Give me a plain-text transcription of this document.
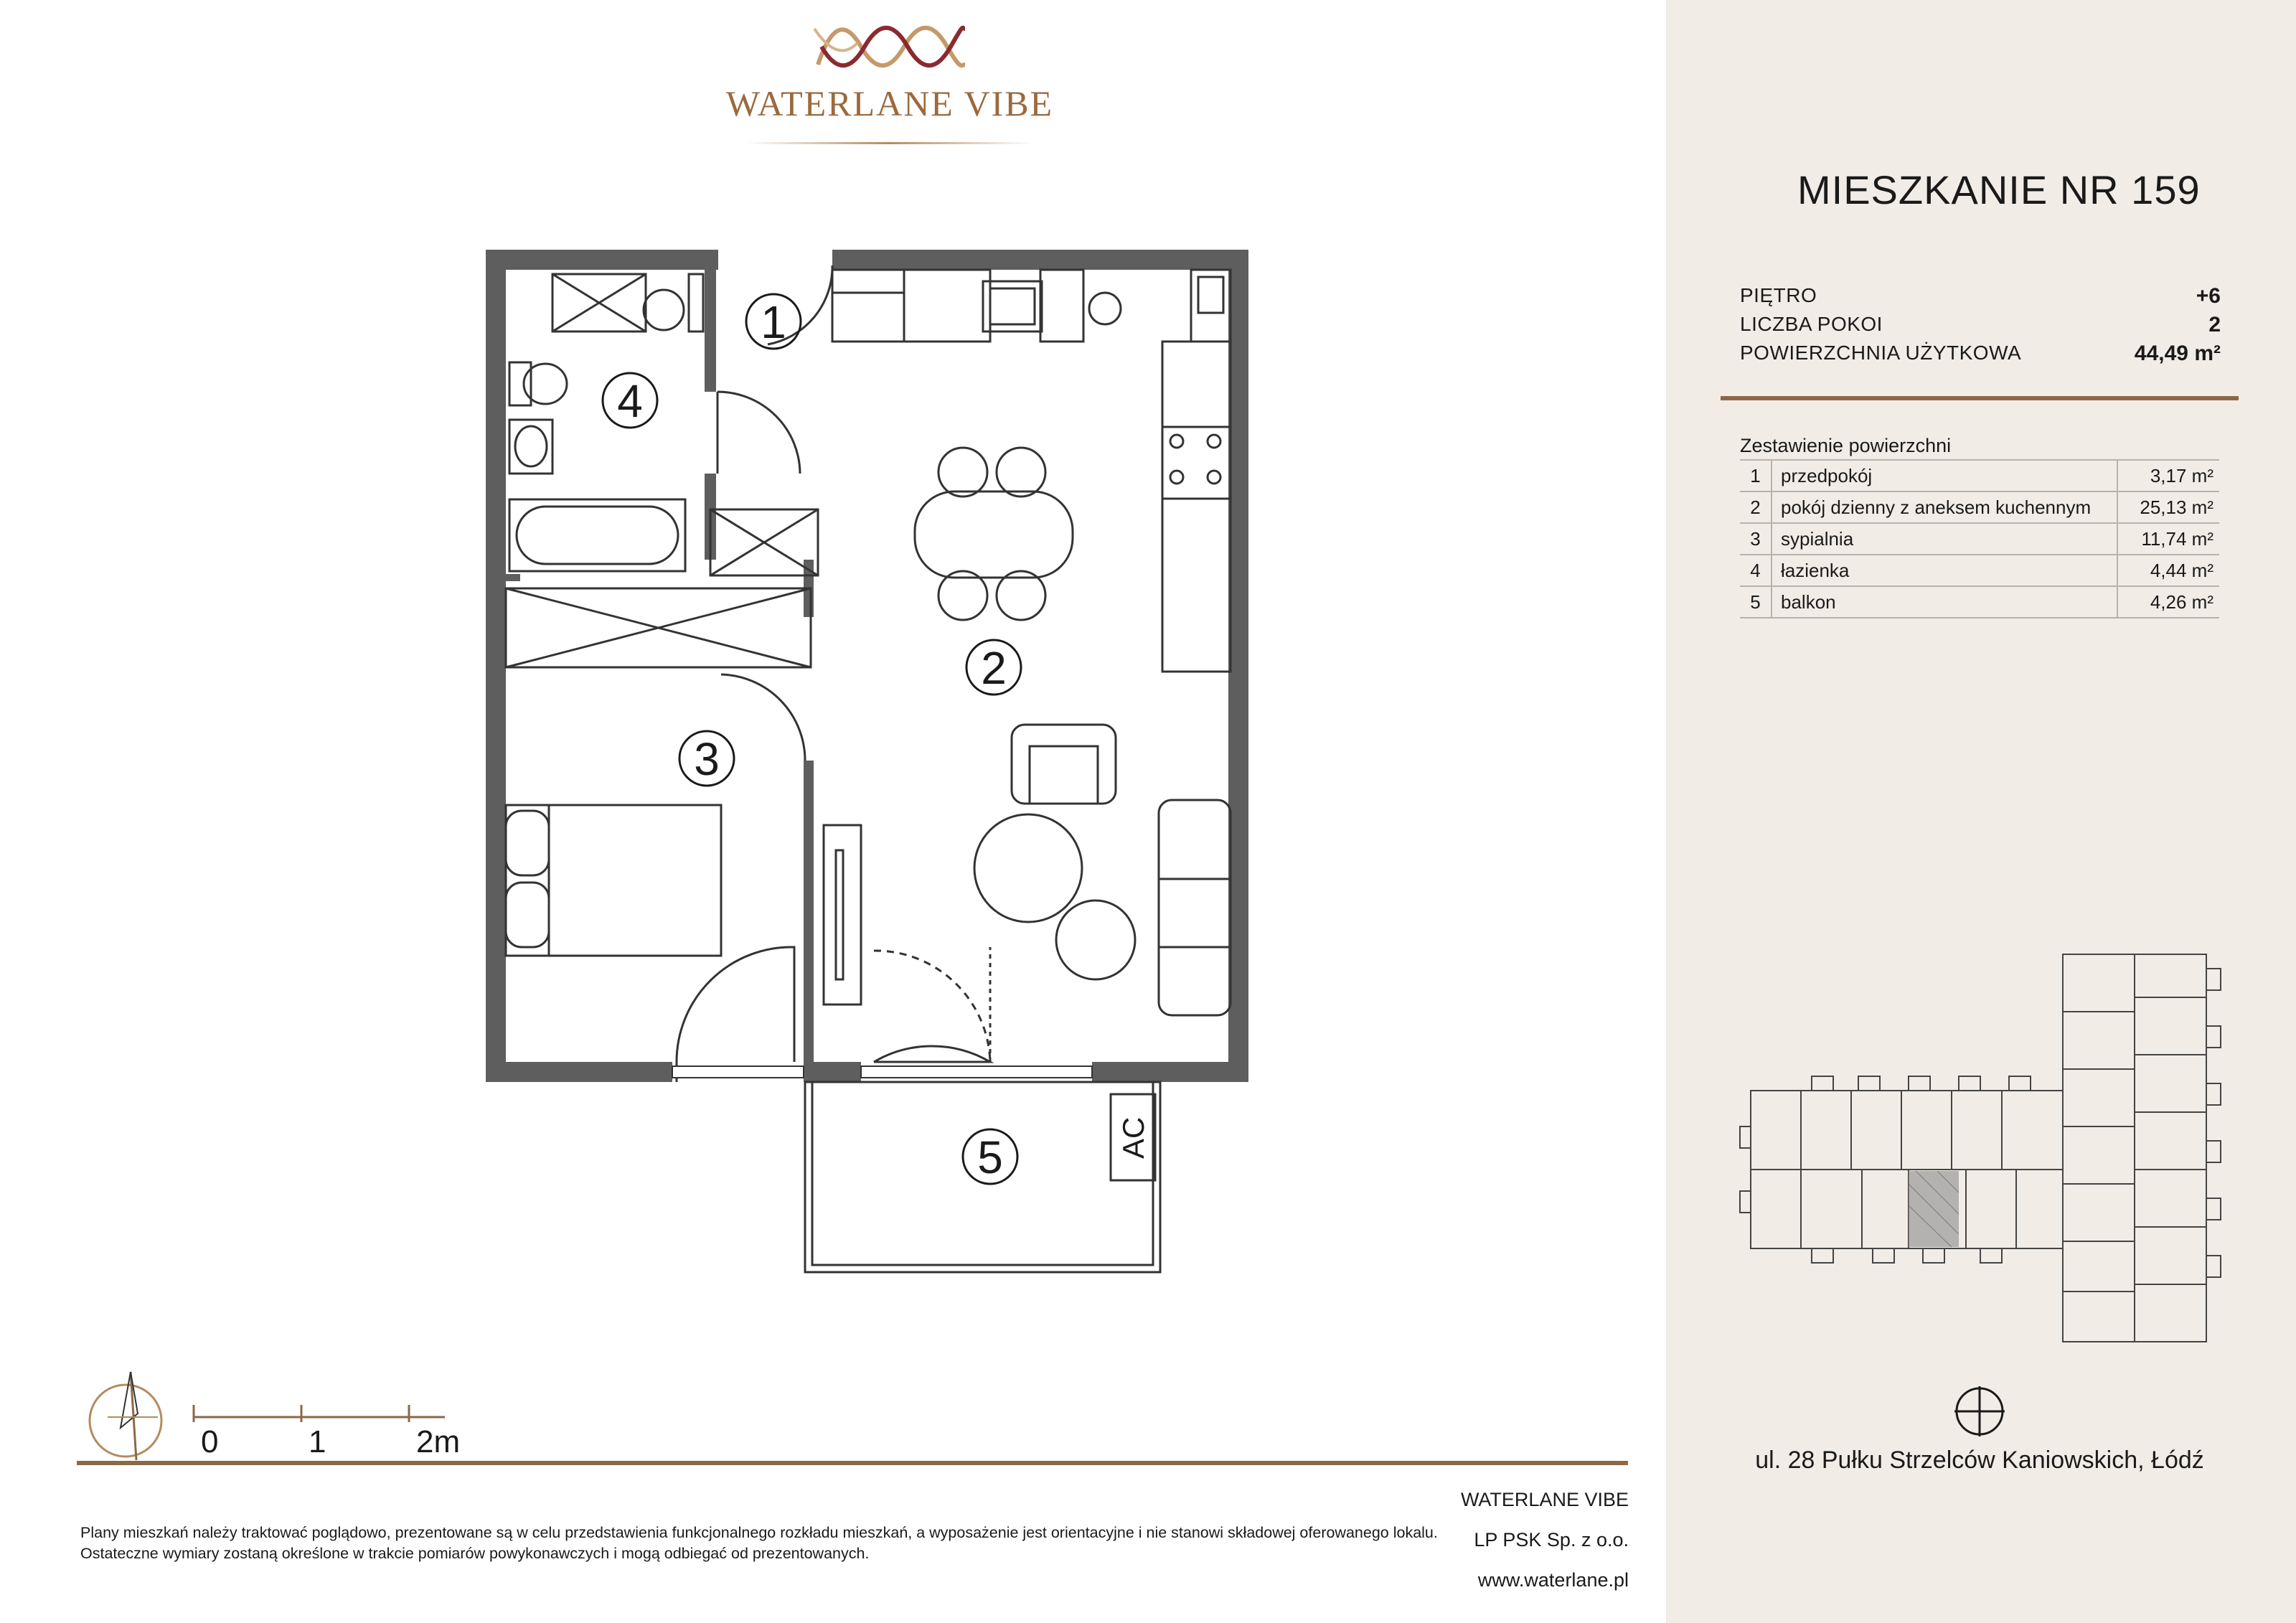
WATERLANE VIBE
1
4
2
3
5	AC
0	1	2m
Plany mieszkań należy traktować poglądowo, prezentowane są w celu przedstawienia funkcjonalnego rozkładu mieszkań, a wyposażenie jest orientacyjne i nie stanowi składowej oferowanego lokalu.
Ostateczne wymiary zostaną określone w trakcie pomiarów powykonawczych i mogą odbiegać od prezentowanych.
WATERLANE VIBE
LP PSK Sp. z o.o.
www.waterlane.pl
MIESZKANIE NR 159
PIĘTRO	+6
LICZBA POKOI	2
POWIERZCHNIA UŻYTKOWA	44,49 m²
Zestawienie powierzchni
1	przedpokój	3,17 m²
2	pokój dzienny z aneksem kuchennym	25,13 m²
3	sypialnia	11,74 m²
4	łazienka	4,44 m²
5	balkon	4,26 m²
ul. 28 Pułku Strzelców Kaniowskich, Łódź
